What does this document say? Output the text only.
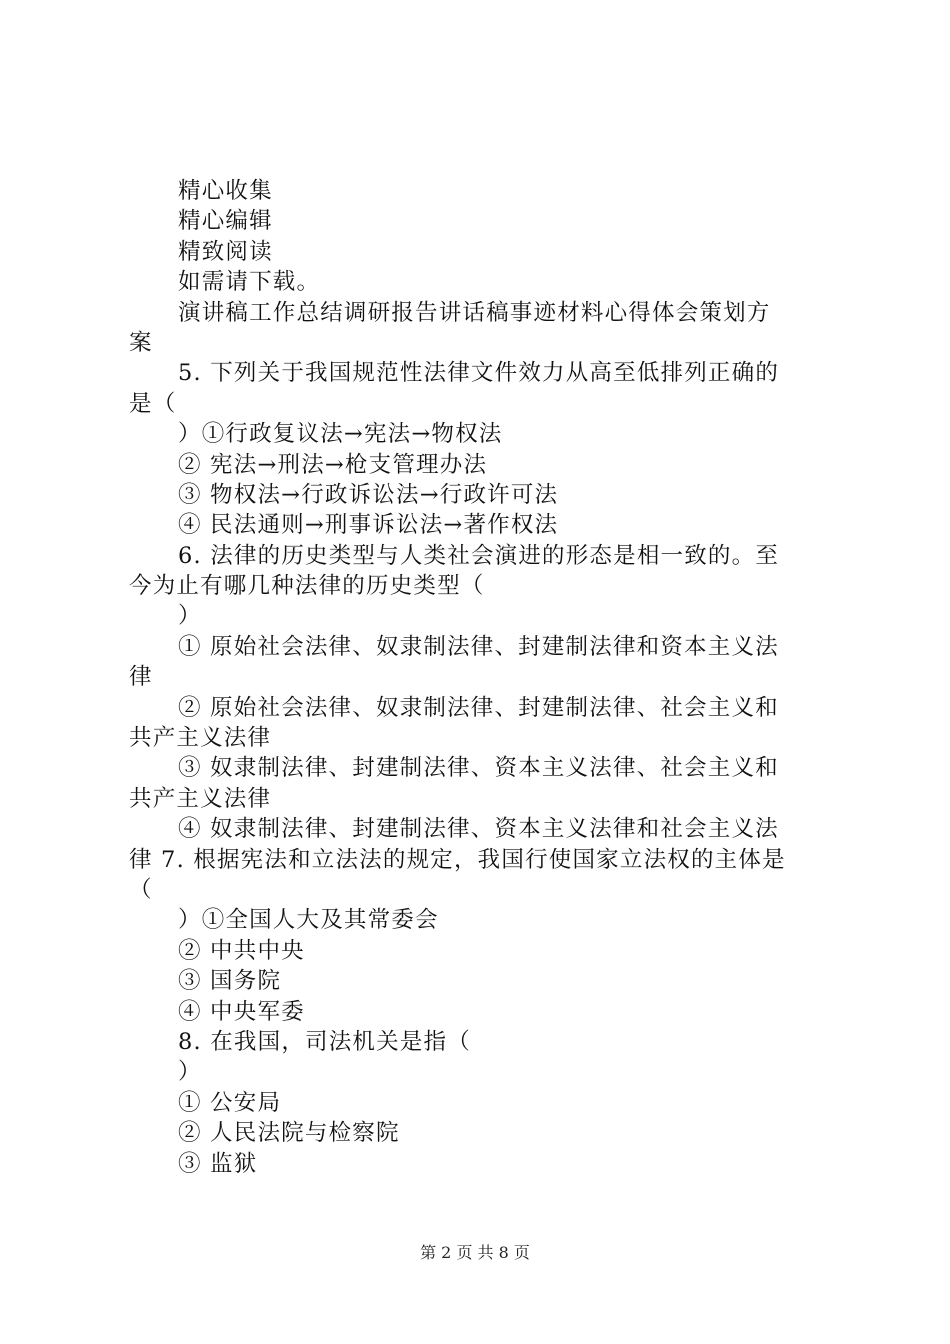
精心收集
精心编辑
精致阅读
如需请下载。
演讲稿工作总结调研报告讲话稿事迹材料心得体会策划方
案
5. 下列关于我国规范性法律文件效力从高至低排列正确的
是（
）①行政复议法→宪法→物权法
② 宪法→刑法→枪支管理办法
③ 物权法→行政诉讼法→行政许可法
④ 民法通则→刑事诉讼法→著作权法
6. 法律的历史类型与人类社会演进的形态是相一致的。至
今为止有哪几种法律的历史类型（
）
① 原始社会法律、奴隶制法律、封建制法律和资本主义法
律
② 原始社会法律、奴隶制法律、封建制法律、社会主义和
共产主义法律
③ 奴隶制法律、封建制法律、资本主义法律、社会主义和
共产主义法律
④ 奴隶制法律、封建制法律、资本主义法律和社会主义法
律 7. 根据宪法和立法法的规定，我国行使国家立法权的主体是
（
）①全国人大及其常委会
② 中共中央
③ 国务院
④ 中央军委
8. 在我国，司法机关是指（
）
① 公安局
② 人民法院与检察院
③ 监狱
第 2 页 共 8 页
